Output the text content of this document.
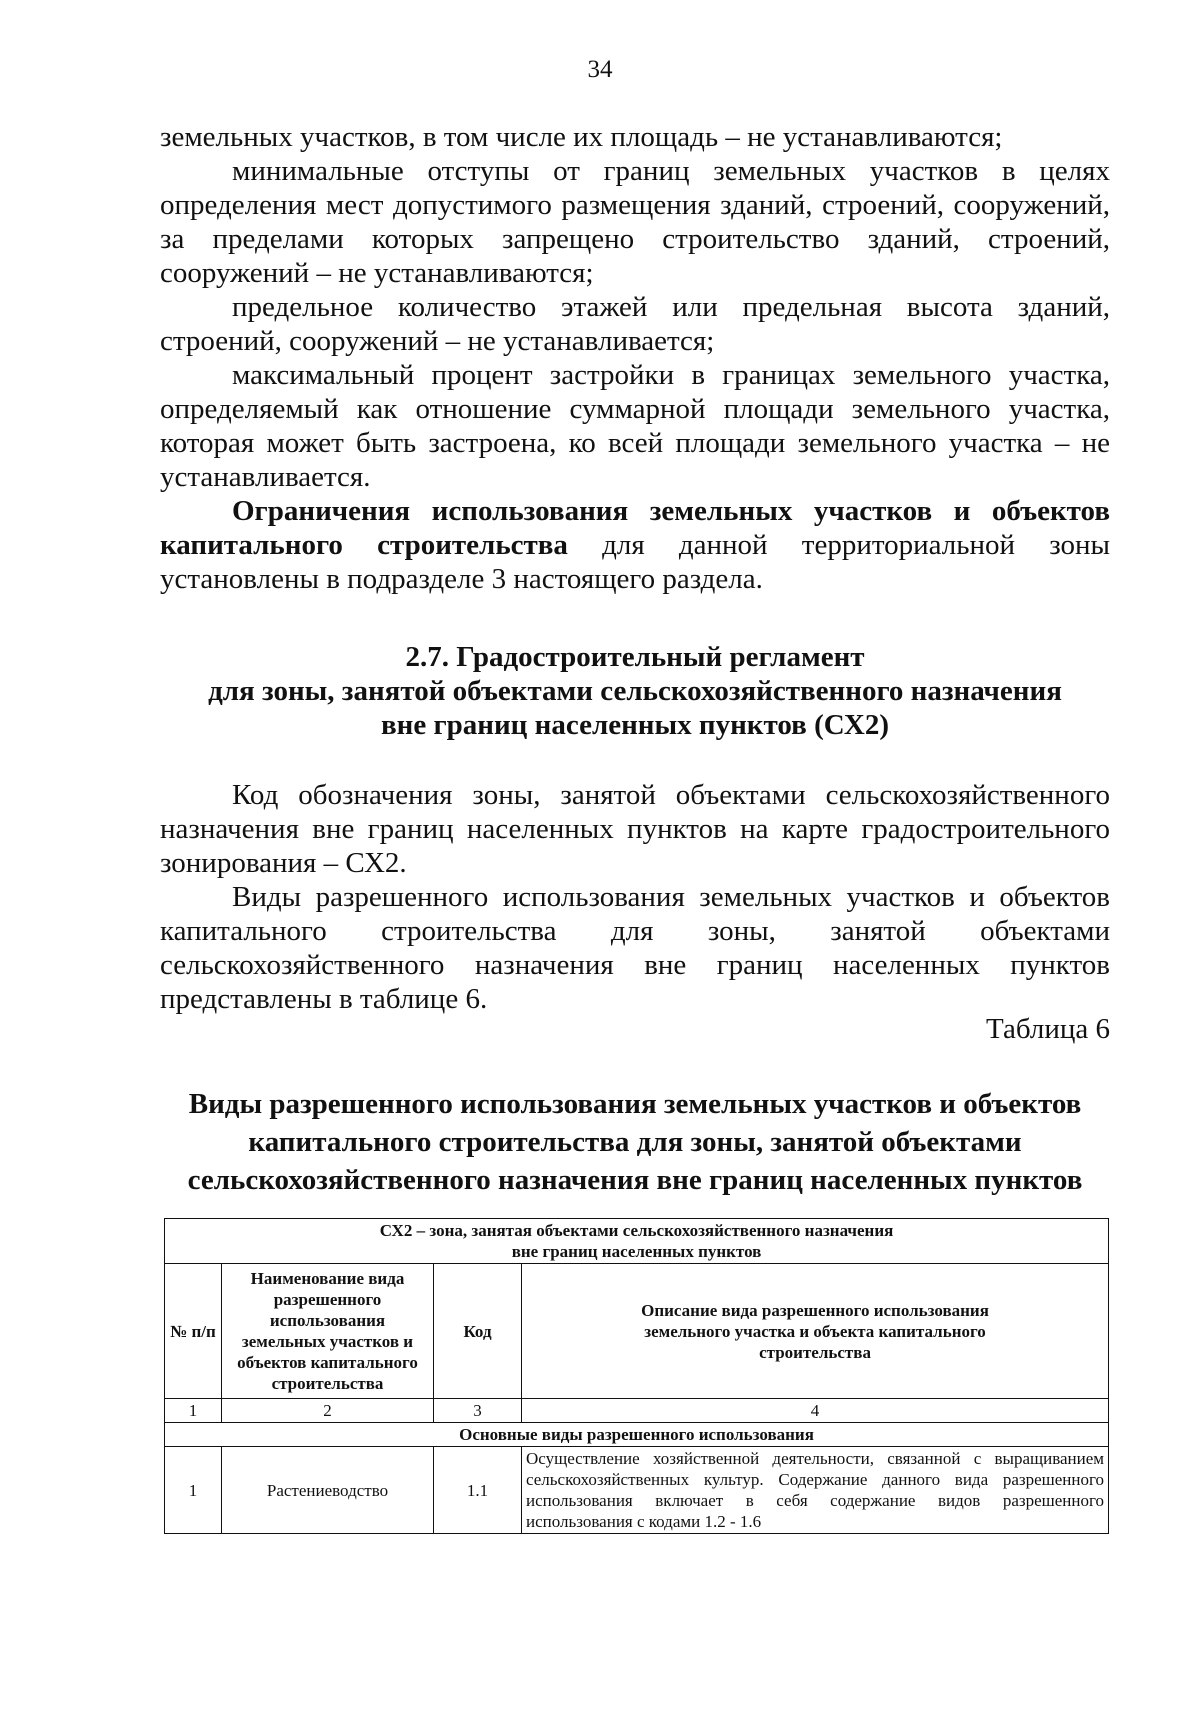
34

земельных участков, в том числе их площадь – не устанавливаются;

минимальные отступы от границ земельных участков в целях определения мест допустимого размещения зданий, строений, сооружений, за пределами которых запрещено строительство зданий, строений, сооружений – не устанавливаются;

предельное количество этажей или предельная высота зданий, строений, сооружений – не устанавливается;

максимальный процент застройки в границах земельного участка, определяемый как отношение суммарной площади земельного участка, которая может быть застроена, ко всей площади земельного участка – не устанавливается.

Ограничения использования земельных участков и объектов капитального строительства для данной территориальной зоны установлены в подразделе 3 настоящего раздела.

2.7. Градостроительный регламент
для зоны, занятой объектами сельскохозяйственного назначения
вне границ населенных пунктов (СХ2)

Код обозначения зоны, занятой объектами сельскохозяйственного назначения вне границ населенных пунктов на карте градостроительного зонирования – СХ2.

Виды разрешенного использования земельных участков и объектов капитального строительства для зоны, занятой объектами сельскохозяйственного назначения вне границ населенных пунктов представлены в таблице 6.

Таблица 6
Виды разрешенного использования земельных участков и объектов
капитального строительства для зоны, занятой объектами
сельскохозяйственного назначения вне границ населенных пунктов
СХ2 – зона, занятая объектами сельскохозяйственного назначения
вне границ населенных пунктов			

№ п/п	Наименование вида разрешенного использования земельных участков и объектов капитального строительства	Код	Описание вида разрешенного использования земельного участка и объекта капитального строительства
1	2	3	4
Основные виды разрешенного использования			
1	Растениеводство	1.1	Осуществление хозяйственной деятельности, связанной с выращиванием сельскохозяйственных культур. Содержание данного вида разрешенного использования включает в себя содержание видов разрешенного использования с кодами 1.2 - 1.6
